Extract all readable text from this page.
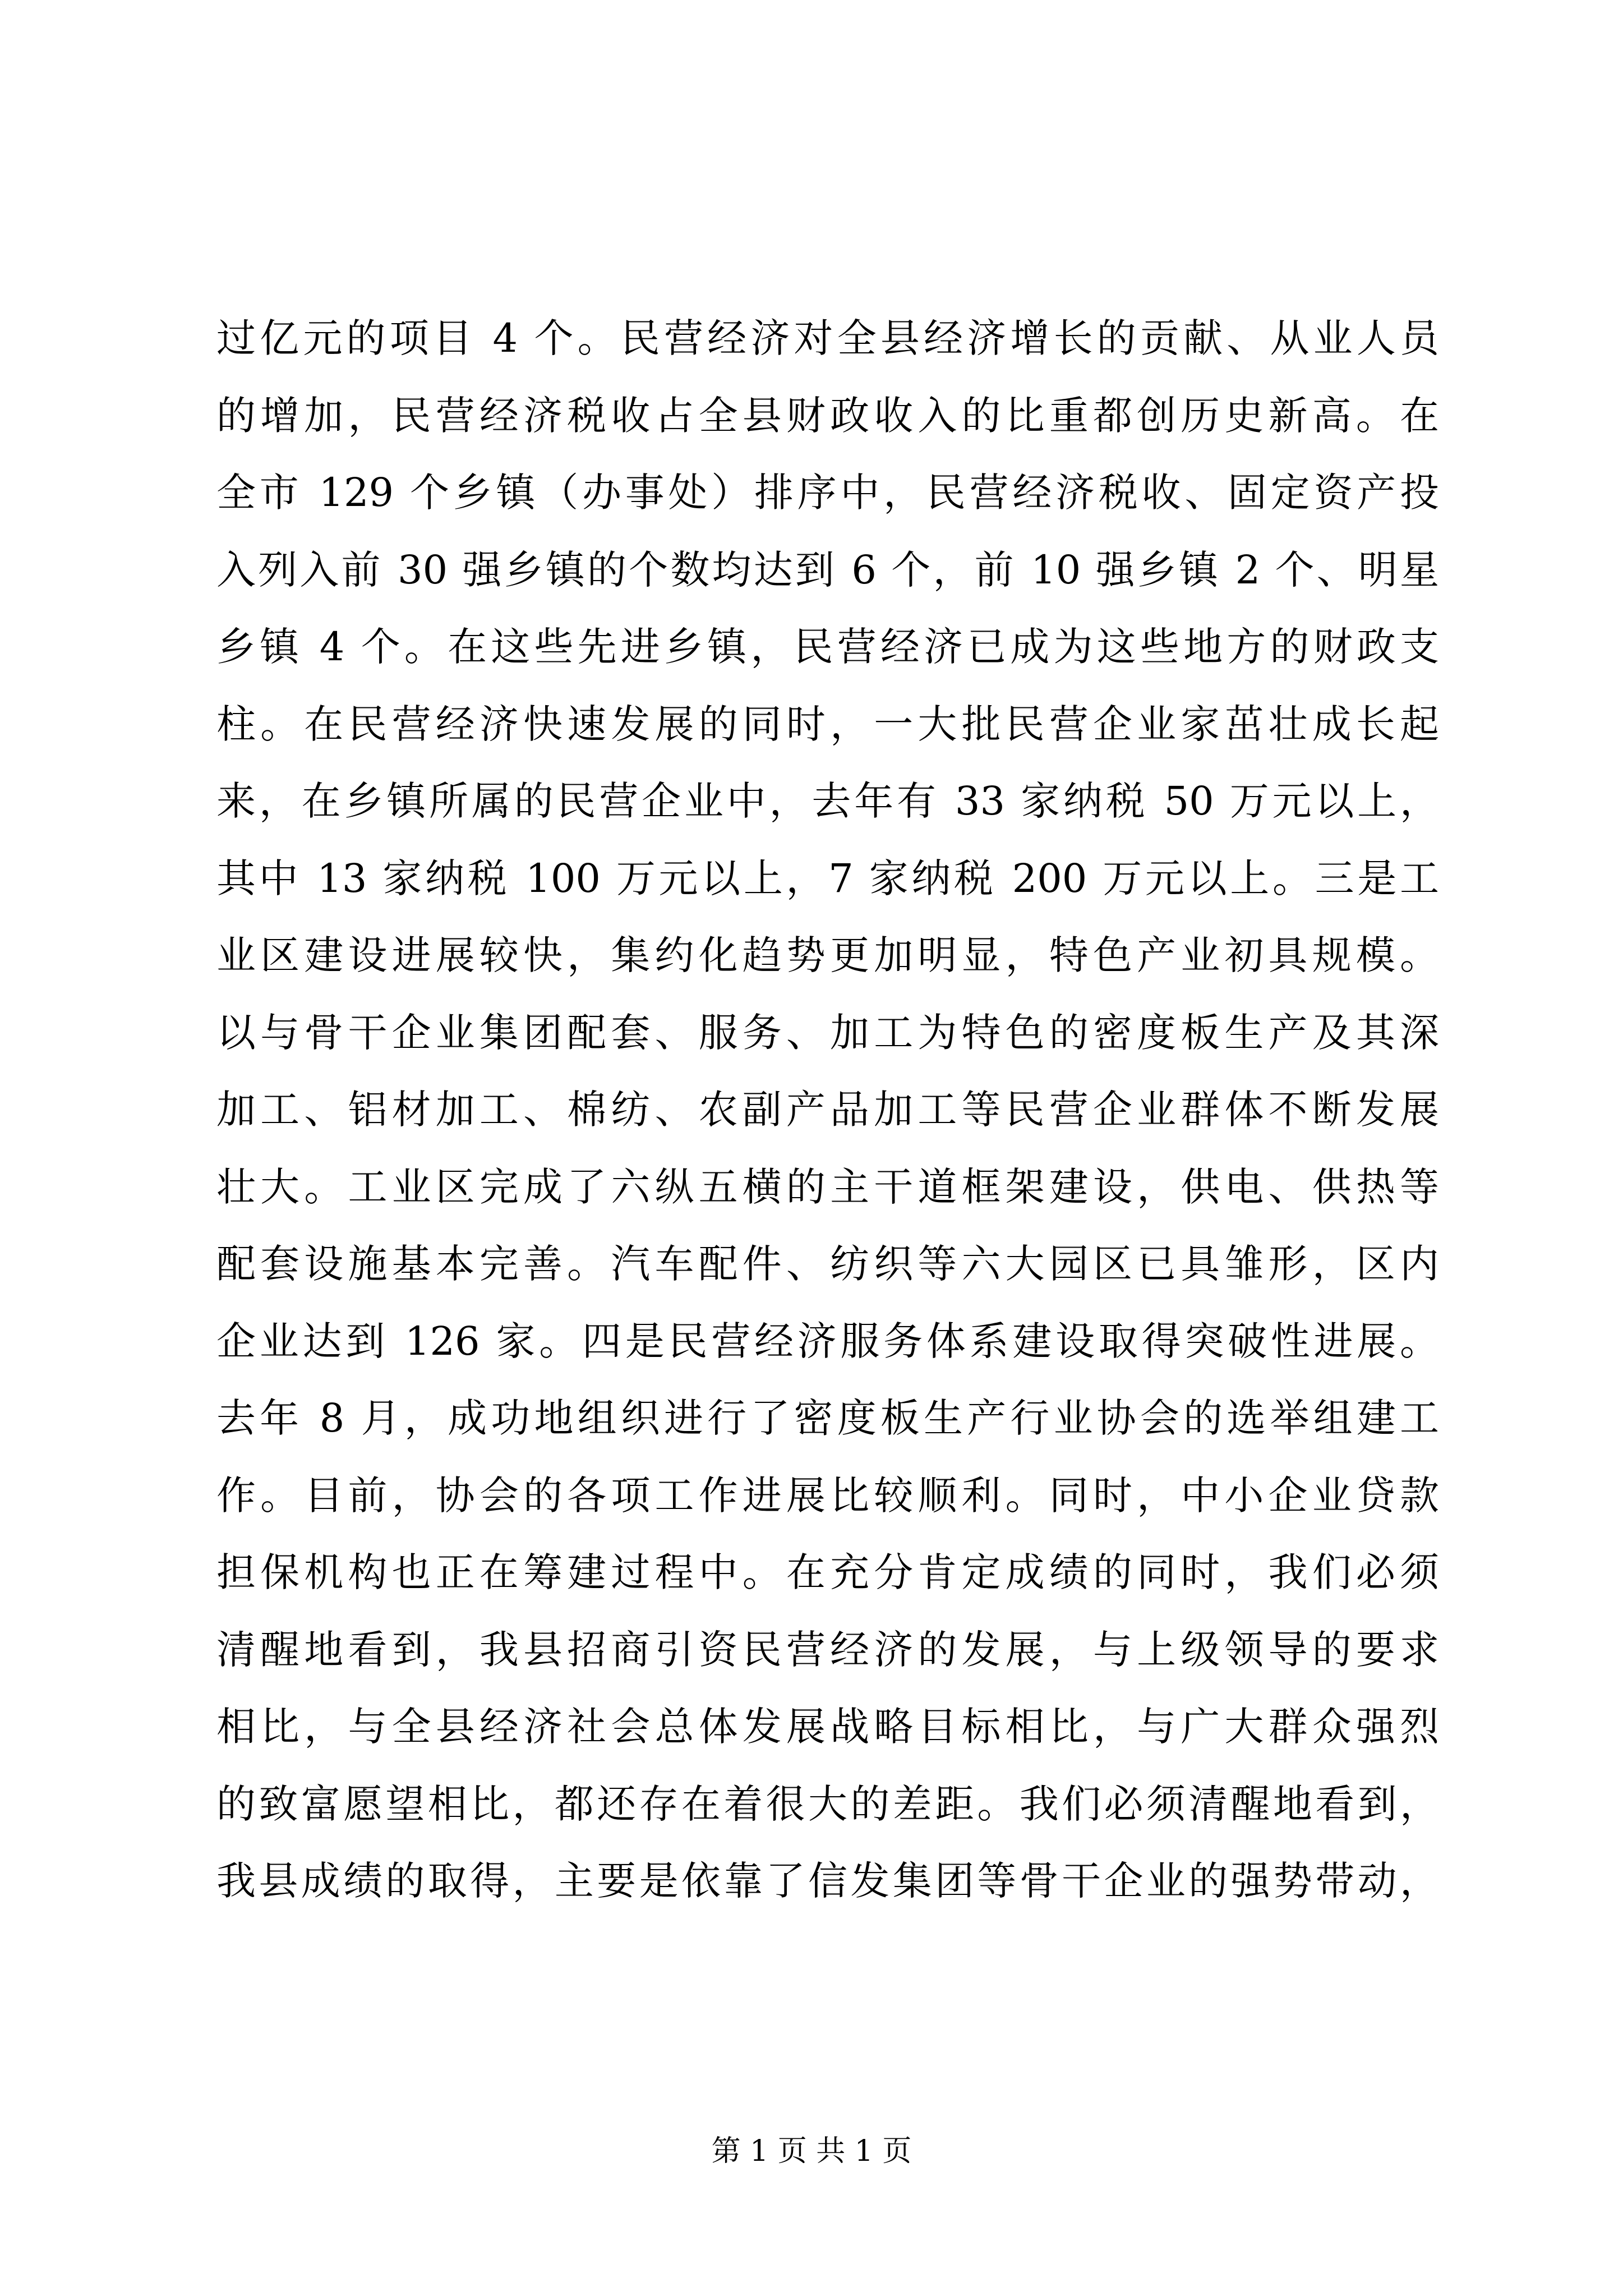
过亿元的项目 4 个。民营经济对全县经济增长的贡献、从业人员
的增加，民营经济税收占全县财政收入的比重都创历史新高。在
全市 129 个乡镇（办事处）排序中，民营经济税收、固定资产投
入列入前 30 强乡镇的个数均达到 6 个，前 10 强乡镇 2 个、明星
乡镇 4 个。在这些先进乡镇，民营经济已成为这些地方的财政支
柱。在民营经济快速发展的同时，一大批民营企业家茁壮成长起
来，在乡镇所属的民营企业中，去年有 33 家纳税 50 万元以上，
其中 13 家纳税 100 万元以上，7 家纳税 200 万元以上。三是工
业区建设进展较快，集约化趋势更加明显，特色产业初具规模。
以与骨干企业集团配套、服务、加工为特色的密度板生产及其深
加工、铝材加工、棉纺、农副产品加工等民营企业群体不断发展
壮大。工业区完成了六纵五横的主干道框架建设，供电、供热等
配套设施基本完善。汽车配件、纺织等六大园区已具雏形，区内
企业达到 126 家。四是民营经济服务体系建设取得突破性进展。
去年 8 月，成功地组织进行了密度板生产行业协会的选举组建工
作。目前，协会的各项工作进展比较顺利。同时，中小企业贷款
担保机构也正在筹建过程中。在充分肯定成绩的同时，我们必须
清醒地看到，我县招商引资民营经济的发展，与上级领导的要求
相比，与全县经济社会总体发展战略目标相比，与广大群众强烈
的致富愿望相比，都还存在着很大的差距。我们必须清醒地看到，
我县成绩的取得，主要是依靠了信发集团等骨干企业的强势带动，
第 1 页 共 1 页
